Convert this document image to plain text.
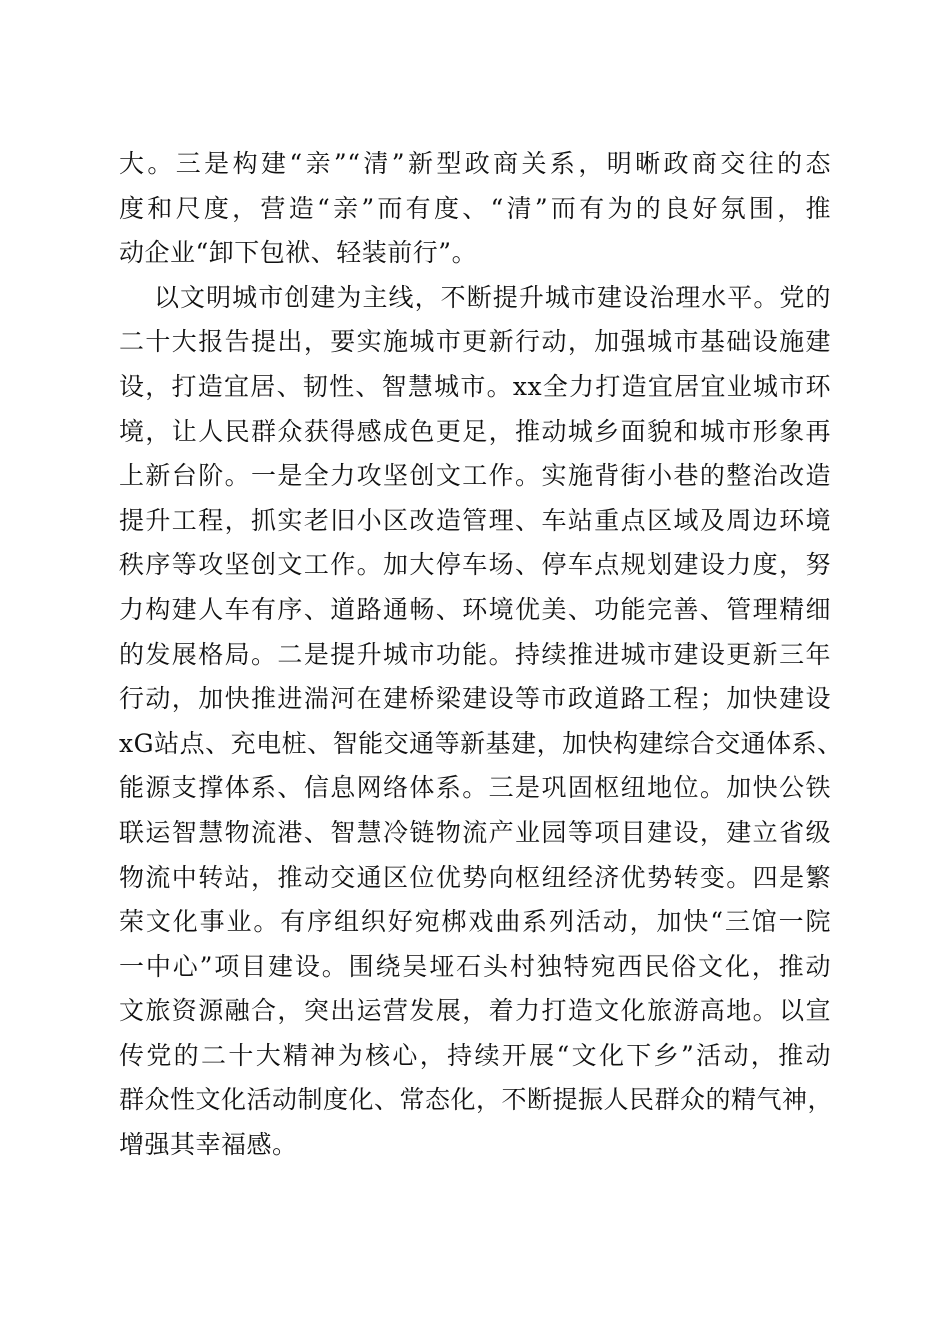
大。三是构建“亲”“清”新型政商关系，明晰政商交往的态
度和尺度，营造“亲”而有度、“清”而有为的良好氛围，推
动企业“卸下包袱、轻装前行”。
以文明城市创建为主线，不断提升城市建设治理水平。党的
二十大报告提出，要实施城市更新行动，加强城市基础设施建
设，打造宜居、韧性、智慧城市。xx全力打造宜居宜业城市环
境，让人民群众获得感成色更足，推动城乡面貌和城市形象再
上新台阶。一是全力攻坚创文工作。实施背街小巷的整治改造
提升工程，抓实老旧小区改造管理、车站重点区域及周边环境
秩序等攻坚创文工作。加大停车场、停车点规划建设力度，努
力构建人车有序、道路通畅、环境优美、功能完善、管理精细
的发展格局。二是提升城市功能。持续推进城市建设更新三年
行动，加快推进湍河在建桥梁建设等市政道路工程；加快建设
xG站点、充电桩、智能交通等新基建，加快构建综合交通体系、
能源支撑体系、信息网络体系。三是巩固枢纽地位。加快公铁
联运智慧物流港、智慧冷链物流产业园等项目建设，建立省级
物流中转站，推动交通区位优势向枢纽经济优势转变。四是繁
荣文化事业。有序组织好宛梆戏曲系列活动，加快“三馆一院
一中心”项目建设。围绕吴垭石头村独特宛西民俗文化，推动
文旅资源融合，突出运营发展，着力打造文化旅游高地。以宣
传党的二十大精神为核心，持续开展“文化下乡”活动，推动
群众性文化活动制度化、常态化，不断提振人民群众的精气神，
增强其幸福感。
